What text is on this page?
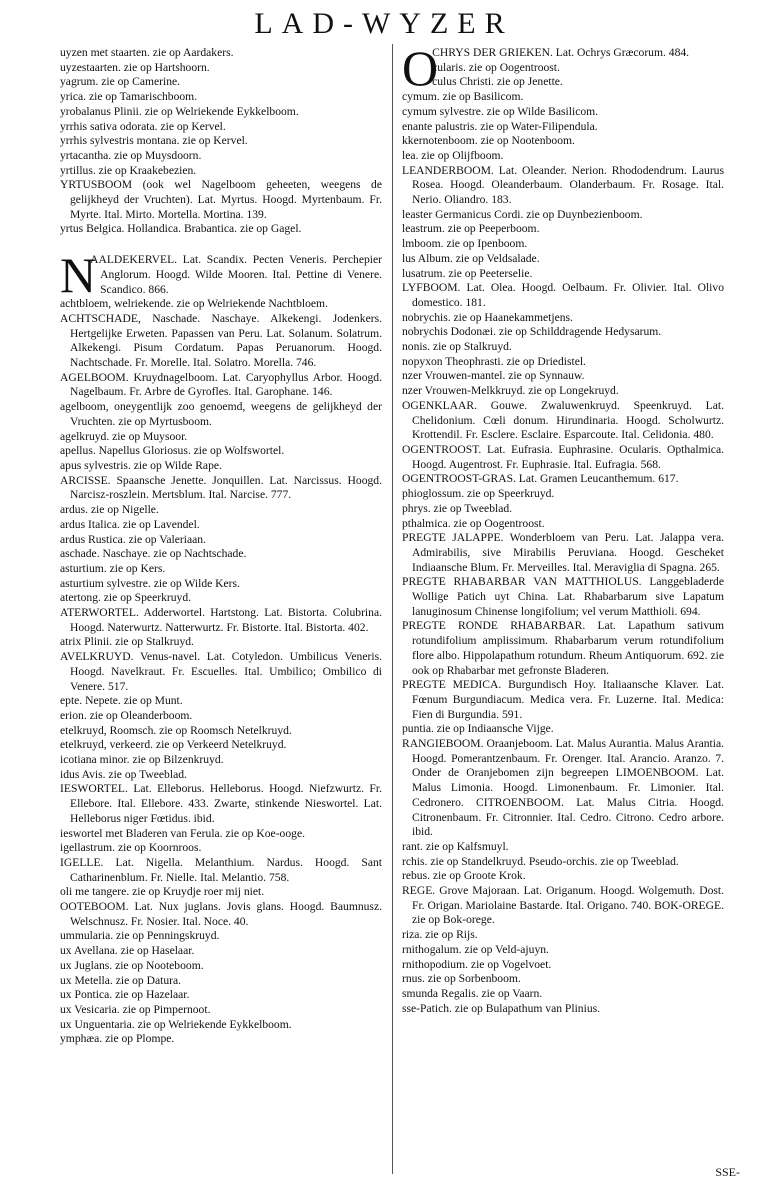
LAD-WYZER

uyzen met staarten. zie op Aardakers.

uyzestaarten. zie op Hartshoorn.

yagrum. zie op Camerine.

yrica. zie op Tamarischboom.

yrobalanus Plinii. zie op Welriekende Eykkelboom.

yrrhis sativa odorata. zie op Kervel.

yrrhis sylvestris montana. zie op Kervel.

yrtacantha. zie op Muysdoorn.

yrtillus. zie op Kraakebezien.

YRTUSBOOM (ook wel Nagelboom geheeten, weegens de gelijkheyd der Vruchten). Lat. Myrtus. Hoogd. Myrtenbaum. Fr. Myrte. Ital. Mirto. Mortella. Mortina. 139.

yrtus Belgica. Hollandica. Brabantica. zie op Gagel.

N
AALDEKERVEL. Lat. Scandix. Pecten Veneris. Perchepier Anglorum. Hoogd. Wilde Mooren. Ital. Pettine di Venere. Scandico. 866.

achtbloem, welriekende. zie op Welriekende Nachtbloem.

ACHTSCHADE, Naschade. Naschaye. Alkekengi. Jodenkers. Hertgelijke Erweten. Papassen van Peru. Lat. Solanum. Solatrum. Alkekengi. Pisum Cordatum. Papas Peruanorum. Hoogd. Nachtschade. Fr. Morelle. Ital. Solatro. Morella. 746.

AGELBOOM. Kruydnagelboom. Lat. Caryophyllus Arbor. Hoogd. Nagelbaum. Fr. Arbre de Gyrofles. Ital. Garophane. 146.

agelboom, oneygentlijk zoo genoemd, weegens de gelijkheyd der Vruchten. zie op Myrtusboom.

agelkruyd. zie op Muysoor.

apellus. Napellus Gloriosus. zie op Wolfswortel.

apus sylvestris. zie op Wilde Rape.

ARCISSE. Spaansche Jenette. Jonquillen. Lat. Narcissus. Hoogd. Narcisz-roszlein. Mertsblum. Ital. Narcise. 777.

ardus. zie op Nigelle.

ardus Italica. zie op Lavendel.

ardus Rustica. zie op Valeriaan.

aschade. Naschaye. zie op Nachtschade.

asturtium. zie op Kers.

asturtium sylvestre. zie op Wilde Kers.

atertong. zie op Speerkruyd.

ATERWORTEL. Adderwortel. Hartstong. Lat. Bistorta. Colubrina. Hoogd. Naterwurtz. Natterwurtz. Fr. Bistorte. Ital. Bistorta. 402.

atrix Plinii. zie op Stalkruyd.

AVELKRUYD. Venus-navel. Lat. Cotyledon. Umbilicus Veneris. Hoogd. Navelkraut. Fr. Escuelles. Ital. Umbilico; Ombilico di Venere. 517.

epte. Nepete. zie op Munt.

erion. zie op Oleanderboom.

etelkruyd, Roomsch. zie op Roomsch Netelkruyd.

etelkruyd, verkeerd. zie op Verkeerd Netelkruyd.

icotiana minor. zie op Bilzenkruyd.

idus Avis. zie op Tweeblad.

IESWORTEL. Lat. Elleborus. Helleborus. Hoogd. Niefzwurtz. Fr. Ellebore. Ital. Ellebore. 433. Zwarte, stinkende Nieswortel. Lat. Helleborus niger Fœtidus. ibid.

ieswortel met Bladeren van Ferula. zie op Koe-ooge.

igellastrum. zie op Koornroos.

IGELLE. Lat. Nigella. Melanthium. Nardus. Hoogd. Sant Catharinenblum. Fr. Nielle. Ital. Melantio. 758.

oli me tangere. zie op Kruydje roer mij niet.

OOTEBOOM. Lat. Nux juglans. Jovis glans. Hoogd. Baumnusz. Welschnusz. Fr. Nosier. Ital. Noce. 40.

ummularia. zie op Penningskruyd.

ux Avellana. zie op Haselaar.

ux Juglans. zie op Nooteboom.

ux Metella. zie op Datura.

ux Pontica. zie op Hazelaar.

ux Vesicaria. zie op Pimpernoot.

ux Unguentaria. zie op Welriekende Eykkelboom.

ymphæa. zie op Plompe.

O
CHRYS DER GRIEKEN. Lat. Ochrys Græcorum. 484.

cularis. zie op Oogentroost.

culus Christi. zie op Jenette.

cymum. zie op Basilicom.

cymum sylvestre. zie op Wilde Basilicom.

enante palustris. zie op Water-Filipendula.

kkernotenboom. zie op Nootenboom.

lea. zie op Olijfboom.

LEANDERBOOM. Lat. Oleander. Nerion. Rhododendrum. Laurus Rosea. Hoogd. Oleanderbaum. Olanderbaum. Fr. Rosage. Ital. Nerio. Oliandro. 183.

leaster Germanicus Cordi. zie op Duynbezienboom.

leastrum. zie op Peeperboom.

lmboom. zie op Ipenboom.

lus Album. zie op Veldsalade.

lusatrum. zie op Peeterselie.

LYFBOOM. Lat. Olea. Hoogd. Oelbaum. Fr. Olivier. Ital. Olivo domestico. 181.

nobrychis. zie op Haanekammetjens.

nobrychis Dodonæi. zie op Schilddragende Hedysarum.

nonis. zie op Stalkruyd.

nopyxon Theophrasti. zie op Driedistel.

nzer Vrouwen-mantel. zie op Synnauw.

nzer Vrouwen-Melkkruyd. zie op Longekruyd.

OGENKLAAR. Gouwe. Zwaluwenkruyd. Speenkruyd. Lat. Chelidonium. Cœli donum. Hirundinaria. Hoogd. Scholwurtz. Krottendil. Fr. Esclere. Esclaire. Esparcoute. Ital. Celidonia. 480.

OGENTROOST. Lat. Eufrasia. Euphrasine. Ocularis. Opthalmica. Hoogd. Augentrost. Fr. Euphrasie. Ital. Eufragia. 568.

OGENTROOST-GRAS. Lat. Gramen Leucanthemum. 617.

phioglossum. zie op Speerkruyd.

phrys. zie op Tweeblad.

pthalmica. zie op Oogentroost.

PREGTE JALAPPE. Wonderbloem van Peru. Lat. Jalappa vera. Admirabilis, sive Mirabilis Peruviana. Hoogd. Gescheket Indiaansche Blum. Fr. Merveilles. Ital. Meraviglia di Spagna. 265.

PREGTE RHABARBAR VAN MATTHIOLUS. Langgebladerde Wollige Patich uyt China. Lat. Rhabarbarum sive Lapatum lanuginosum Chinense longifolium; vel verum Matthioli. 694.

PREGTE RONDE RHABARBAR. Lat. Lapathum sativum rotundifolium amplissimum. Rhabarbarum verum rotundifolium flore albo. Hippolapathum rotundum. Rheum Antiquorum. 692. zie ook op Rhabarbar met gefronste Bladeren.

PREGTE MEDICA. Burgundisch Hoy. Italiaansche Klaver. Lat. Fœnum Burgundiacum. Medica vera. Fr. Luzerne. Ital. Medica: Fien di Burgundia. 591.

puntia. zie op Indiaansche Vijge.

RANGIEBOOM. Oraanjeboom. Lat. Malus Aurantia. Malus Arantia. Hoogd. Pomerantzenbaum. Fr. Orenger. Ital. Arancio. Aranzo. 7. Onder de Oranjebomen zijn begreepen LIMOENBOOM. Lat. Malus Limonia. Hoogd. Limonenbaum. Fr. Limonier. Ital. Cedronero. CITROENBOOM. Lat. Malus Citria. Hoogd. Citronenbaum. Fr. Citronnier. Ital. Cedro. Citrono. Cedro arbore. ibid.

rant. zie op Kalfsmuyl.

rchis. zie op Standelkruyd. Pseudo-orchis. zie op Tweeblad.

rebus. zie op Groote Krok.

REGE. Grove Majoraan. Lat. Origanum. Hoogd. Wolgemuth. Dost. Fr. Origan. Mariolaine Bastarde. Ital. Origano. 740. BOK-OREGE. zie op Bok-orege.

riza. zie op Rijs.

rnithogalum. zie op Veld-ajuyn.

rnithopodium. zie op Vogelvoet.

rnus. zie op Sorbenboom.

smunda Regalis. zie op Vaarn.

sse-Patich. zie op Bulapathum van Plinius.

SSE-
